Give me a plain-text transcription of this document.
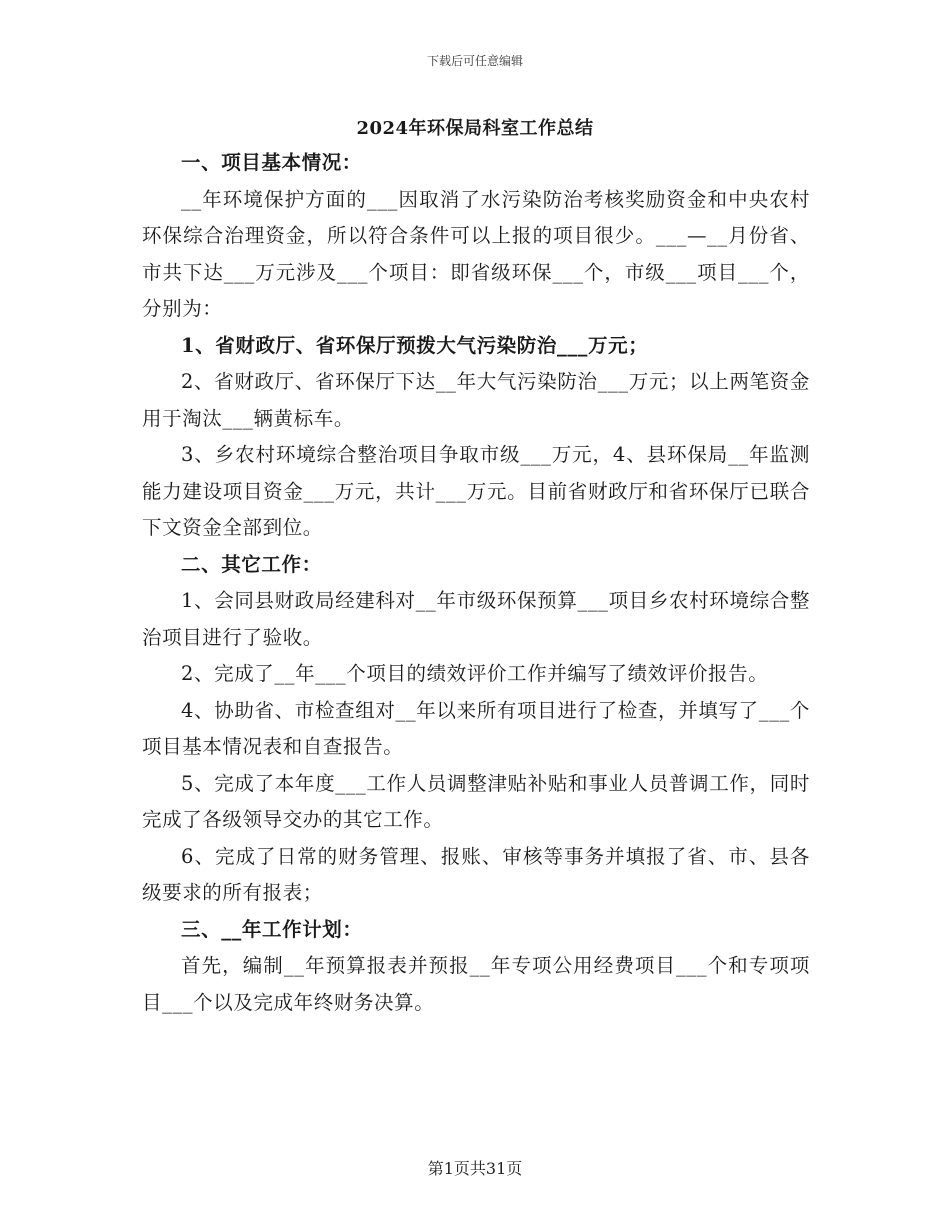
下载后可任意编辑
2024年环保局科室工作总结

一、项目基本情况：

__年环境保护方面的___因取消了水污染防治考核奖励资金和中央农村环保综合治理资金，所以符合条件可以上报的项目很少。___—__月份省、市共下达___万元涉及___个项目：即省级环保___个，市级___项目___个，分别为：

1、省财政厅、省环保厅预拨大气污染防治___万元；

2、省财政厅、省环保厅下达__年大气污染防治___万元；以上两笔资金用于淘汰___辆黄标车。

3、乡农村环境综合整治项目争取市级___万元，4、县环保局__年监测能力建设项目资金___万元，共计___万元。目前省财政厅和省环保厅已联合下文资金全部到位。

二、其它工作：

1、会同县财政局经建科对__年市级环保预算___项目乡农村环境综合整治项目进行了验收。

2、完成了__年___个项目的绩效评价工作并编写了绩效评价报告。

4、协助省、市检查组对__年以来所有项目进行了检查，并填写了___个项目基本情况表和自查报告。

5、完成了本年度___工作人员调整津贴补贴和事业人员普调工作，同时完成了各级领导交办的其它工作。

6、完成了日常的财务管理、报账、审核等事务并填报了省、市、县各级要求的所有报表；

三、__年工作计划：

首先，编制__年预算报表并预报__年专项公用经费项目___个和专项项目___个以及完成年终财务决算。

第1页共31页
